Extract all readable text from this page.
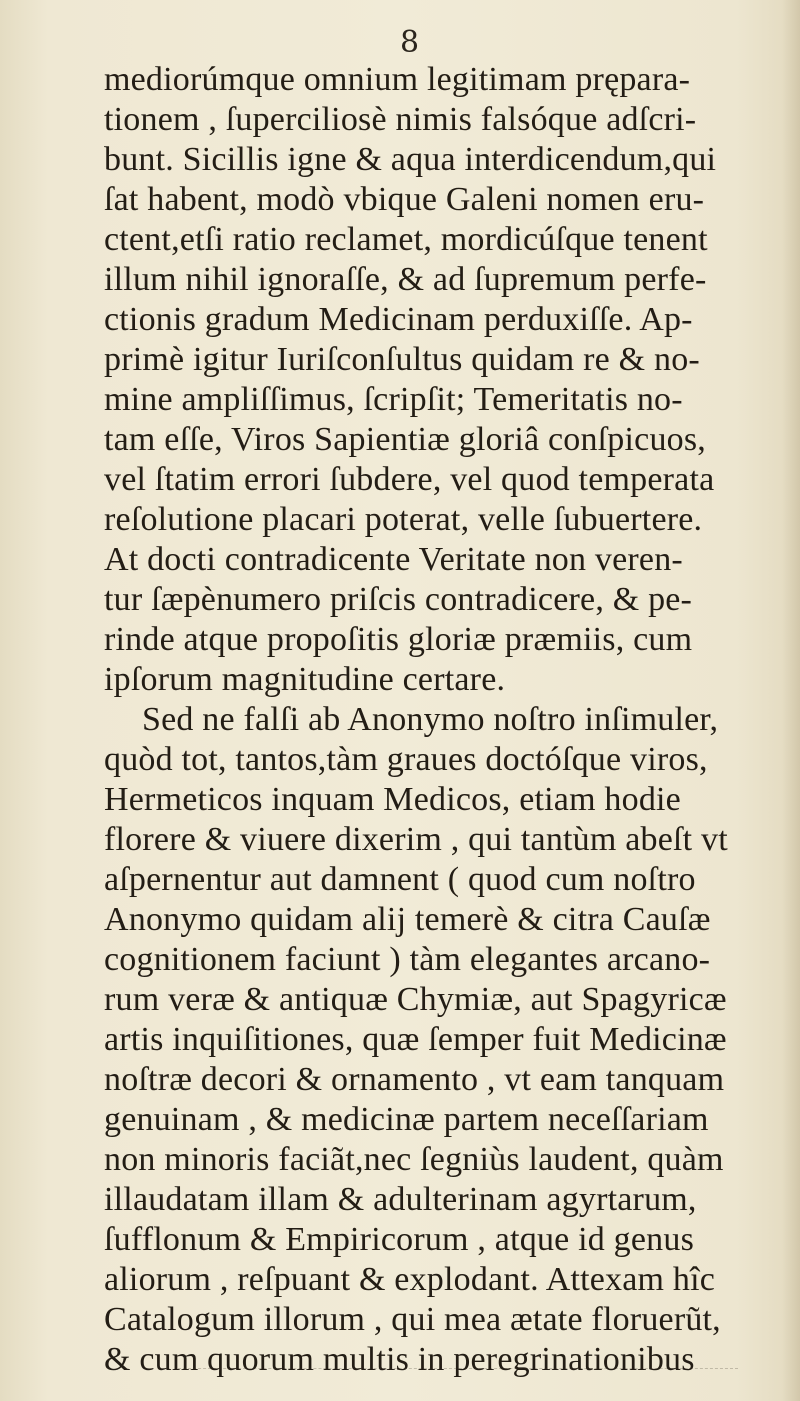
8
mediorúmque omnium legitimam prępara-
tionem , ſuperciliosè nimis falsóque adſcri-
bunt. Sicillis igne & aqua interdicendum,qui
ſat habent, modò vbique Galeni nomen eru-
ctent,etſi ratio reclamet, mordicúſque tenent
illum nihil ignoraſſe, & ad ſupremum perfe-
ctionis gradum Medicinam perduxiſſe. Ap-
primè igitur Iuriſconſultus quidam re & no-
mine ampliſſimus, ſcripſit; Temeritatis no-
tam eſſe, Viros Sapientiæ gloriâ conſpicuos,
vel ſtatim errori ſubdere, vel quod temperata
reſolutione placari poterat, velle ſubuertere.
At docti contradicente Veritate non veren-
tur ſæpènumero priſcis contradicere, & pe-
rinde atque propoſitis gloriæ præmiis, cum
ipſorum magnitudine certare.
Sed ne falſi ab Anonymo noſtro inſimuler,
quòd tot, tantos,tàm graues doctóſque viros,
Hermeticos inquam Medicos, etiam hodie
florere & viuere dixerim , qui tantùm abeſt vt
aſpernentur aut damnent ( quod cum noſtro
Anonymo quidam alij temerè & citra Cauſæ
cognitionem faciunt ) tàm elegantes arcano-
rum veræ & antiquæ Chymiæ, aut Spagyricæ
artis inquiſitiones, quæ ſemper fuit Medicinæ
noſtræ decori & ornamento , vt eam tanquam
genuinam , & medicinæ partem neceſſariam
non minoris faciãt,nec ſegniùs laudent, quàm
illaudatam illam & adulterinam agyrtarum,
ſufflonum & Empiricorum , atque id genus
aliorum , reſpuant & explodant. Attexam hîc
Catalogum illorum , qui mea ætate floruerũt,
& cum quorum multis in peregrinationibus
